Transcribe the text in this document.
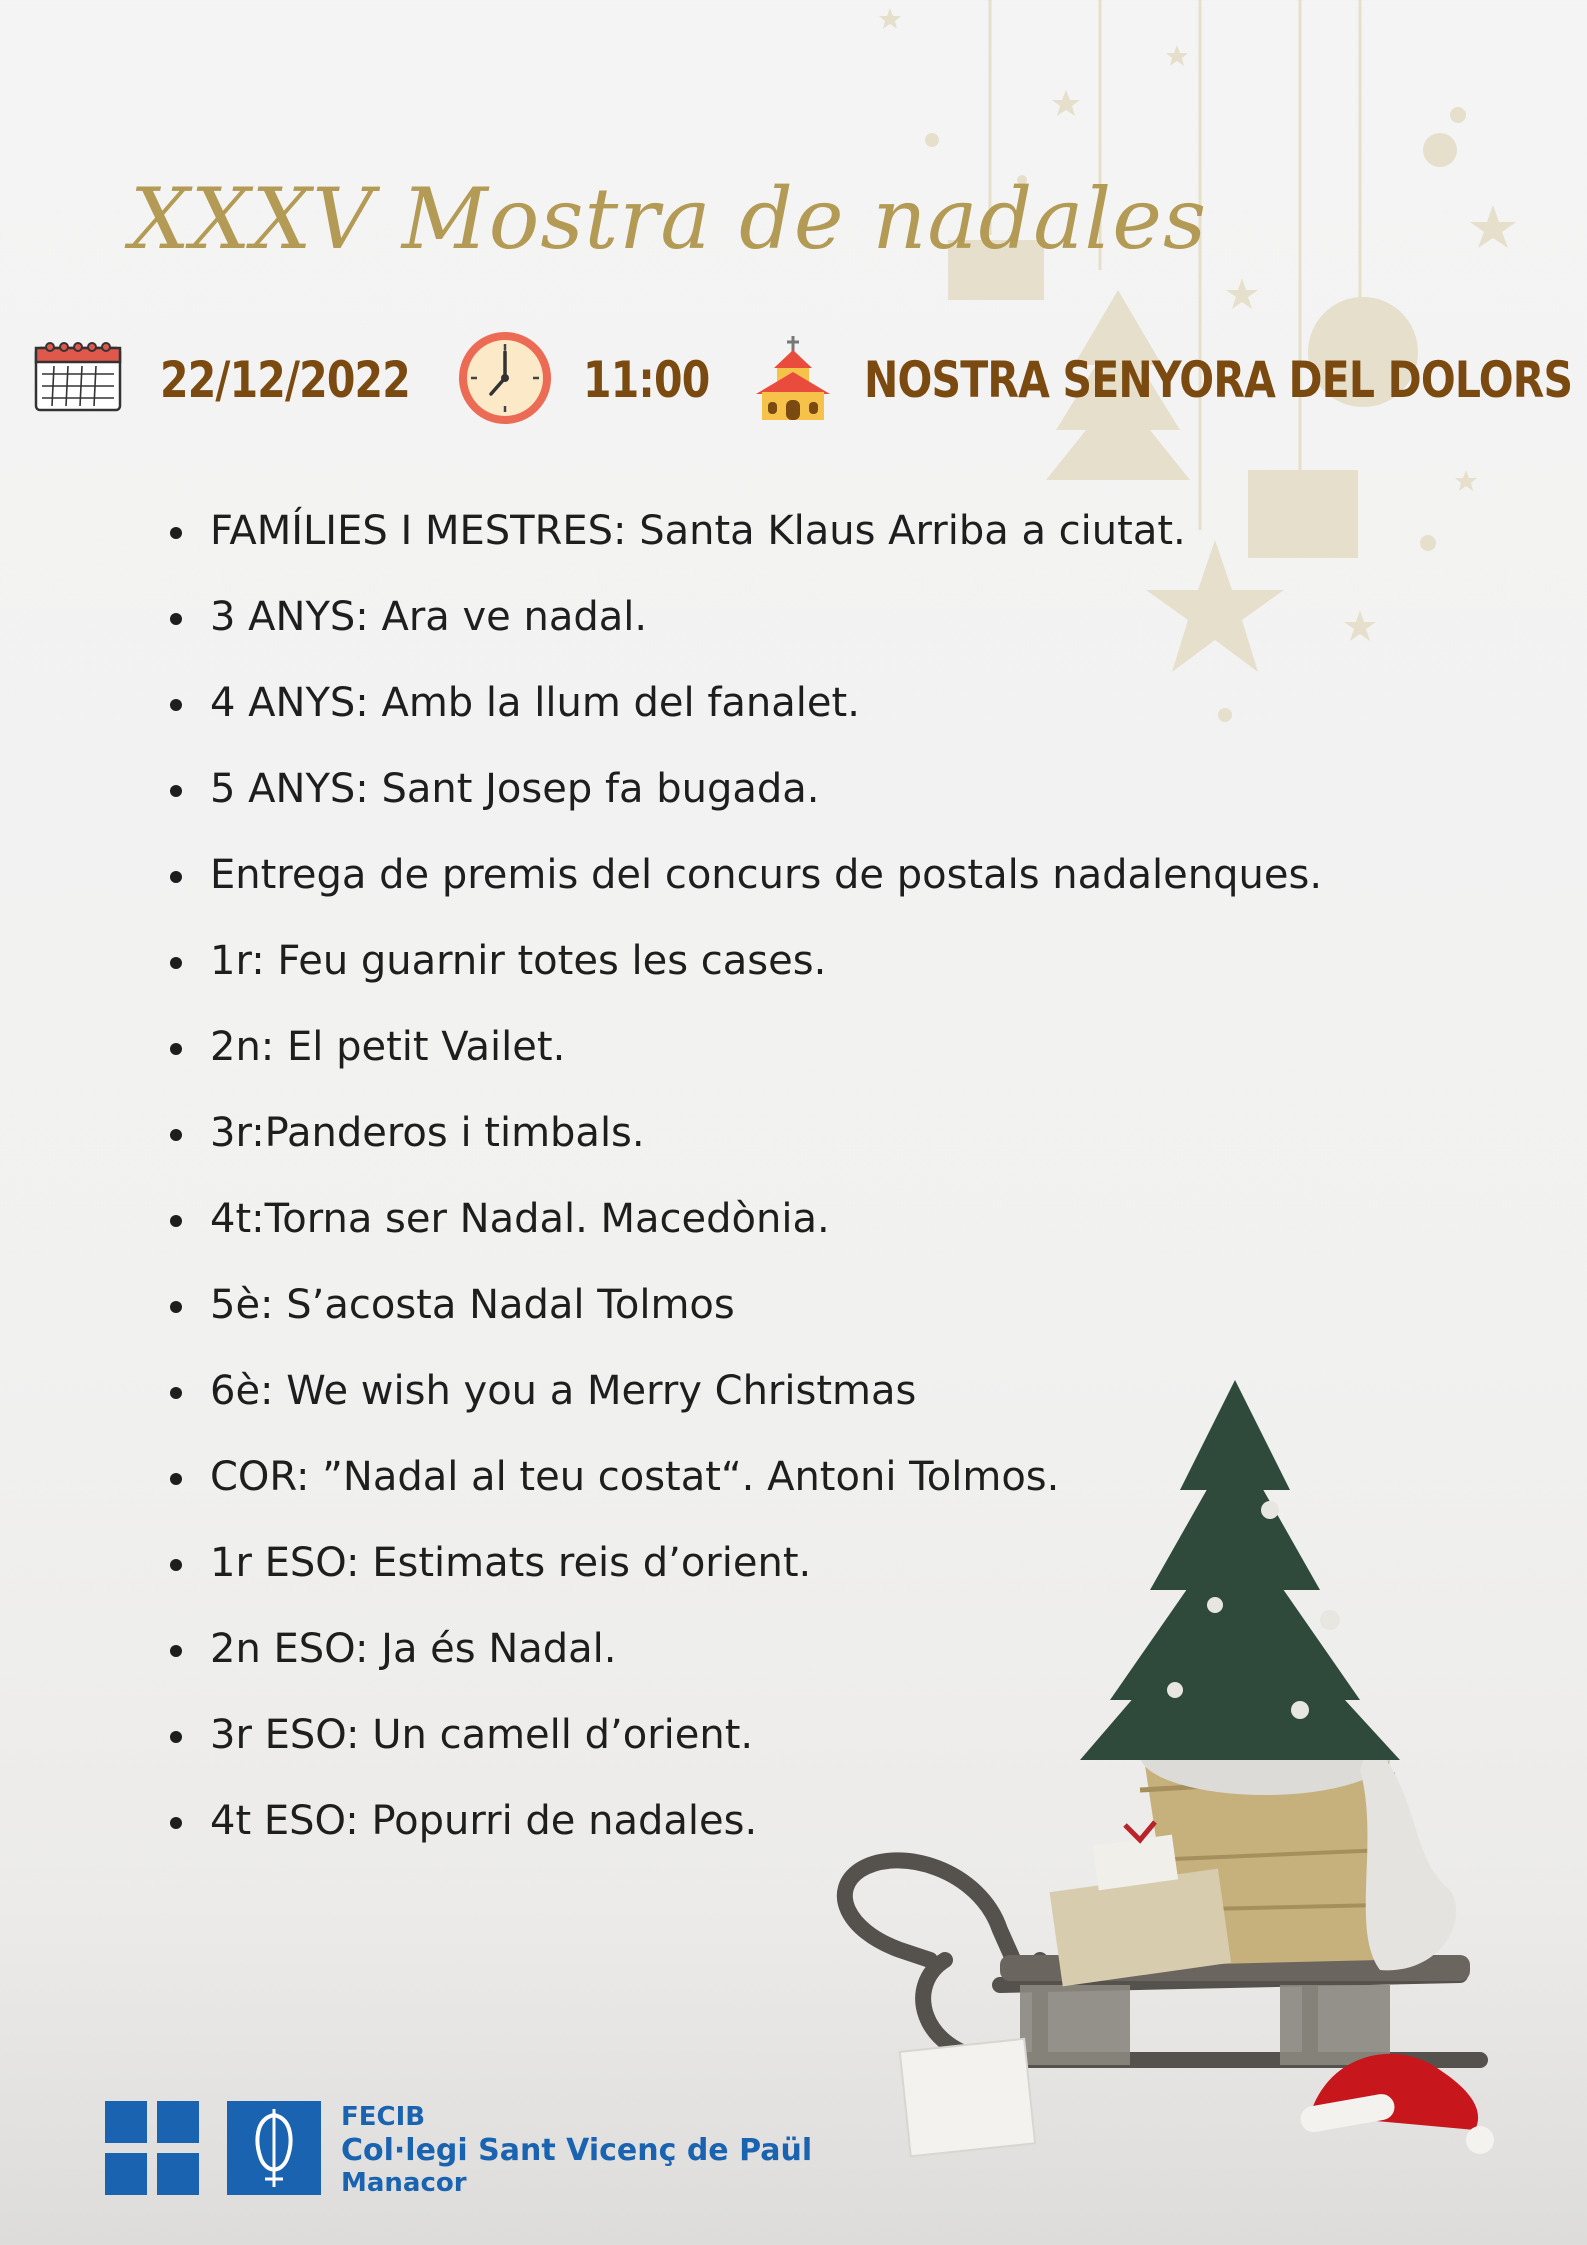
XXXV Mostra de nadales
22/12/2022	11:00	NOSTRA SENYORA DEL DOLORS
FAMÍLIES I MESTRES: Santa Klaus Arriba a ciutat.
3 ANYS: Ara ve nadal.
4 ANYS: Amb la llum del fanalet.
5 ANYS: Sant Josep fa bugada.
Entrega de premis del concurs de postals nadalenques.
1r: Feu guarnir totes les cases.
2n: El petit Vailet.
3r:Panderos i timbals.
4t:Torna ser Nadal. Macedònia.
5è: S’acosta Nadal Tolmos
6è: We wish you a Merry Christmas
COR: ”Nadal al teu costat“. Antoni Tolmos.
1r ESO: Estimats reis d’orient.
2n ESO: Ja és Nadal.
3r ESO: Un camell d’orient.
4t ESO: Popurri de nadales.
FECIB
Col·legi Sant Vicenç de Paül
Manacor
